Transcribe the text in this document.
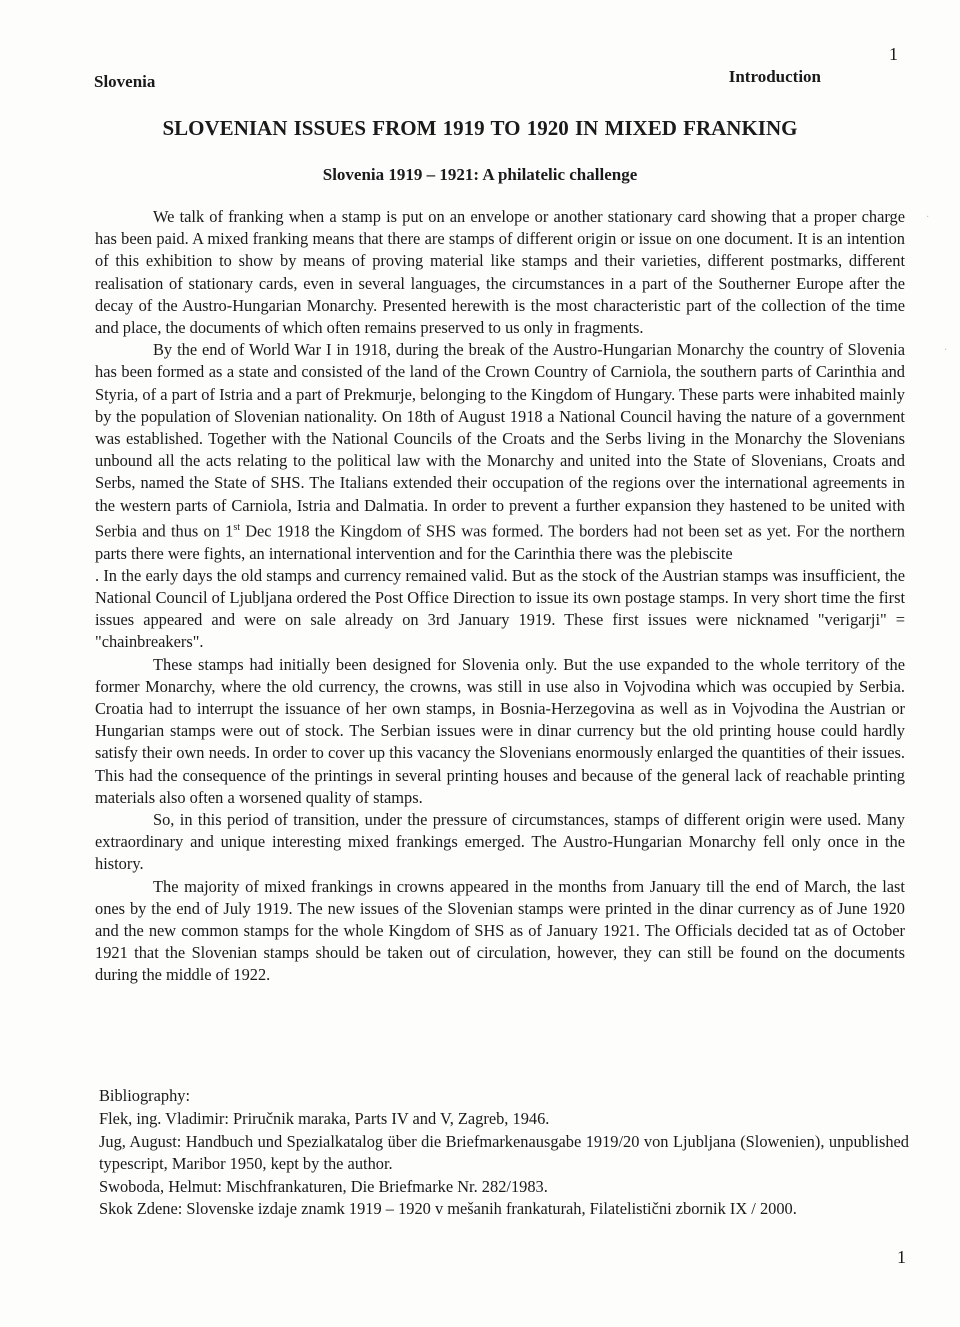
1
Slovenia	Introduction
SLOVENIAN ISSUES FROM 1919 TO 1920 IN MIXED FRANKING
Slovenia 1919 – 1921: A philatelic challenge

We talk of franking when a stamp is put on an envelope or another stationary card showing that a proper charge has been paid. A mixed franking means that there are stamps of different origin or issue on one document. It is an intention of this exhibition to show by means of proving material like stamps and their varieties, different postmarks, different realisation of stationary cards, even in several languages, the circumstances in a part of the Southerner Europe after the decay of the Austro-Hungarian Monarchy. Presented herewith is the most characteristic part of the collection of the time and place, the documents of which often remains preserved to us only in fragments.

By the end of World War I in 1918, during the break of the Austro-Hungarian Monarchy the country of Slovenia has been formed as a state and consisted of the land of the Crown Country of Carniola, the southern parts of Carinthia and Styria, of a part of Istria and a part of Prekmurje, belonging to the Kingdom of Hungary. These parts were inhabited mainly by the population of Slovenian nationality. On 18th of August 1918 a National Council having the nature of a government was established. Together with the National Councils of the Croats and the Serbs living in the Monarchy the Slovenians unbound all the acts relating to the political law with the Monarchy and united into the State of Slovenians, Croats and Serbs, named the State of SHS. The Italians extended their occupation of the regions over the international agreements in the western parts of Carniola, Istria and Dalmatia. In order to prevent a further expansion they hastened to be united with Serbia and thus on 1st Dec 1918 the Kingdom of SHS was formed. The borders had not been set as yet. For the northern parts there were fights, an international intervention and for the Carinthia there was the plebiscite

. In the early days the old stamps and currency remained valid. But as the stock of the Austrian stamps was insufficient, the National Council of Ljubljana ordered the Post Office Direction to issue its own postage stamps. In very short time the first issues appeared and were on sale already on 3rd January 1919. These first issues were nicknamed "verigarji" = "chainbreakers".

These stamps had initially been designed for Slovenia only. But the use expanded to the whole territory of the former Monarchy, where the old currency, the crowns, was still in use also in Vojvodina which was occupied by Serbia. Croatia had to interrupt the issuance of her own stamps, in Bosnia-Herzegovina as well as in Vojvodina the Austrian or Hungarian stamps were out of stock. The Serbian issues were in dinar currency but the old printing house could hardly satisfy their own needs. In order to cover up this vacancy the Slovenians enormously enlarged the quantities of their issues. This had the consequence of the printings in several printing houses and because of the general lack of reachable printing materials also often a worsened quality of stamps.

So, in this period of transition, under the pressure of circumstances, stamps of different origin were used. Many extraordinary and unique interesting mixed frankings emerged. The Austro-Hungarian Monarchy fell only once in the history.

The majority of mixed frankings in crowns appeared in the months from January till the end of March, the last ones by the end of July 1919. The new issues of the Slovenian stamps were printed in the dinar currency as of June 1920 and the new common stamps for the whole Kingdom of SHS as of January 1921. The Officials decided tat as of October 1921 that the Slovenian stamps should be taken out of circulation, however, they can still be found on the documents during the middle of 1922.

Bibliography:
Flek, ing. Vladimir: Priručnik maraka, Parts IV and V, Zagreb, 1946.
Jug, August: Handbuch und Spezialkatalog über die Briefmarkenausgabe 1919/20 von Ljubljana (Slowenien), unpublished typescript, Maribor 1950, kept by the author.
Swoboda, Helmut: Mischfrankaturen, Die Briefmarke Nr. 282/1983.
Skok Zdene: Slovenske izdaje znamk 1919 – 1920 v mešanih frankaturah, Filatelistični zbornik IX / 2000.
1
·
·
